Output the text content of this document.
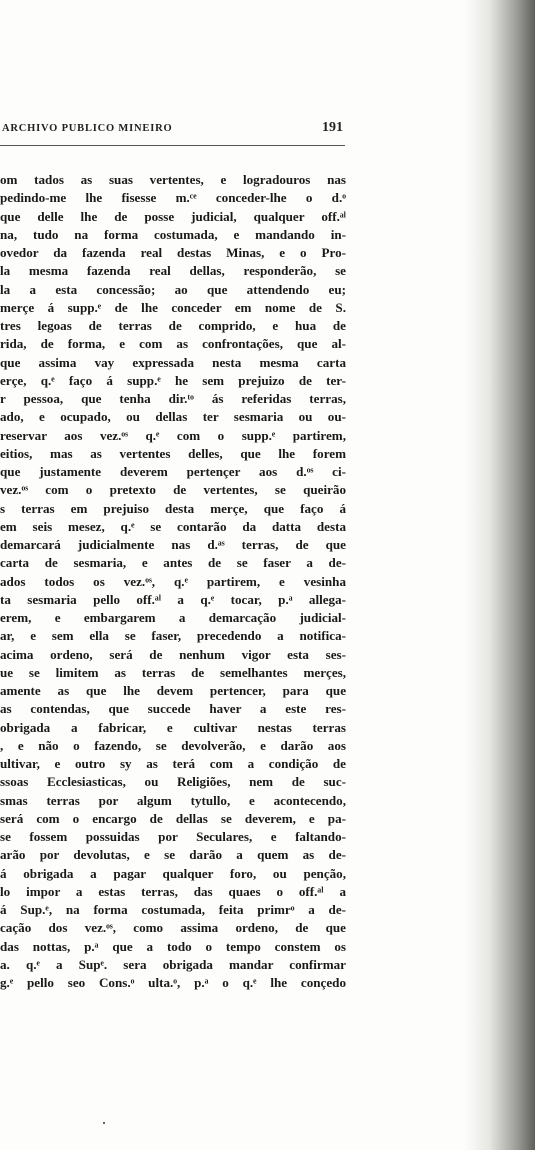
ARCHIVO PUBLICO MINEIRO	191
om tados as suas vertentes, e logradouros nas
pedindo-me lhe fisesse m.ᶜᵉ conceder-lhe o d.ᵒ
que delle lhe de posse judicial, qualquer off.ᵃˡ
na, tudo na forma costumada, e mandando in-
ovedor da fazenda real destas Minas, e o Pro-
la mesma fazenda real dellas, responderão, se
la a esta concessão; ao que attendendo eu;
merçe á supp.ᵉ de lhe conceder em nome de S.
tres legoas de terras de comprido, e hua de
rida, de forma, e com as confrontações, que al-
que assima vay expressada nesta mesma carta
erçe, q.ᵉ faço á supp.ᵉ he sem prejuizo de ter-
r pessoa, que tenha dir.ᵗᵒ ás referidas terras,
ado, e ocupado, ou dellas ter sesmaria ou ou-
reservar aos vez.ᵒˢ q.ᵉ com o supp.ᵉ partirem,
eitios, mas as vertentes delles, que lhe forem
que justamente deverem pertençer aos d.ᵒˢ ci-
vez.ᵒˢ com o pretexto de vertentes, se queirão
s terras em prejuiso desta merçe, que faço á
em seis mesez, q.ᵉ se contarão da datta desta
demarcará judicialmente nas d.ᵃˢ terras, de que
carta de sesmaria, e antes de se faser a de-
ados todos os vez.ᵒˢ, q.ᵉ partirem, e vesinha
ta sesmaria pello off.ᵃˡ a q.ᵉ tocar, p.ᵃ allega-
erem, e embargarem a demarcação judicial-
ar, e sem ella se faser, precedendo a notifica-
acima ordeno, será de nenhum vigor esta ses-
ue se limitem as terras de semelhantes merçes,
amente as que lhe devem pertencer, para que
as contendas, que succede haver a este res-
obrigada a fabricar, e cultivar nestas terras
, e não o fazendo, se devolverão, e darão aos
ultivar, e outro sy as terá com a condição de
ssoas Ecclesiasticas, ou Religiões, nem de suc-
smas terras por algum tytullo, e acontecendo,
será com o encargo de dellas se deverem, e pa-
se fossem possuidas por Seculares, e faltando-
arão por devolutas, e se darão a quem as de-
á obrigada a pagar qualquer foro, ou penção,
lo impor a estas terras, das quaes o off.ᵃˡ a
á Sup.ᵉ, na forma costumada, feita primrᵒ a de-
cação dos vez.ᵒˢ, como assima ordeno, de que
das nottas, p.ᵃ que a todo o tempo constem os
a. q.ᵉ a Supᵉ. sera obrigada mandar confirmar
g.ᵉ pello seo Cons.ᵒ ulta.ᵒ, p.ᵃ o q.ᵉ lhe conçedo
